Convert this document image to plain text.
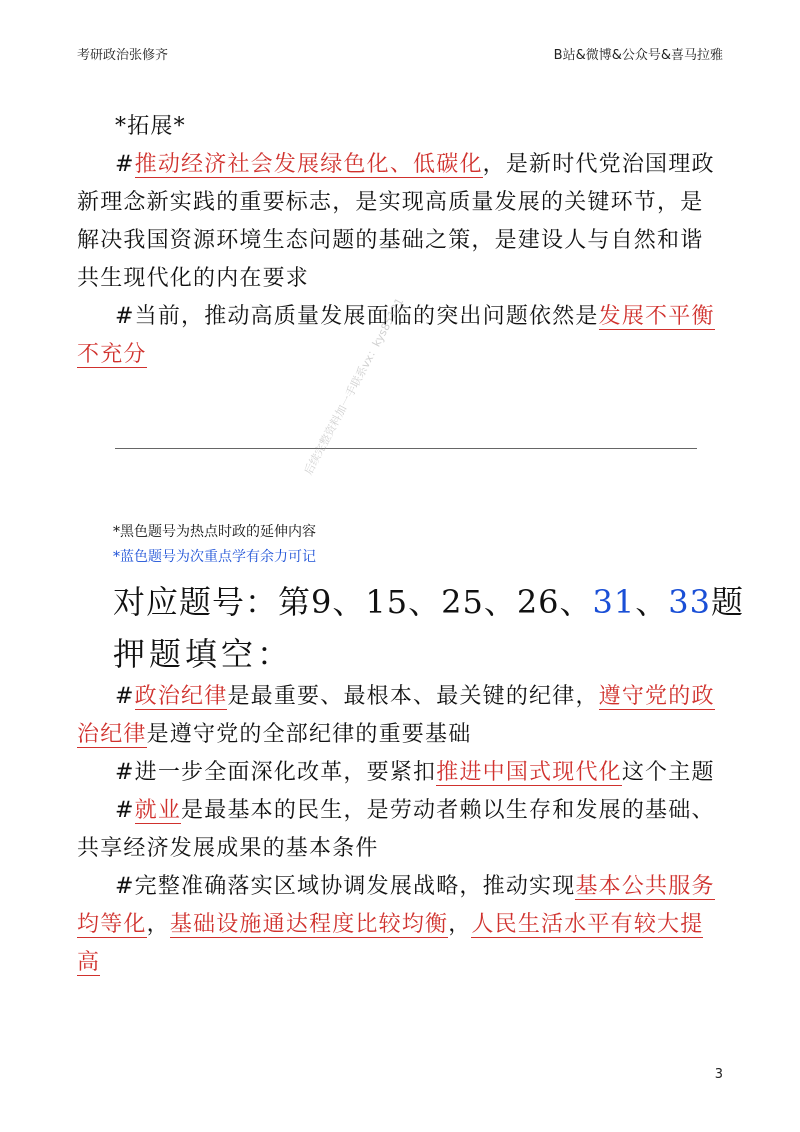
考研政治张修齐	B站&微博&公众号&喜马拉雅

*拓展*

#推动经济社会发展绿色化、低碳化，是新时代党治国理政新理念新实践的重要标志，是实现高质量发展的关键环节，是解决我国资源环境生态问题的基础之策，是建设人与自然和谐共生现代化的内在要求

#当前，推动高质量发展面临的突出问题依然是发展不平衡不充分	后续完整资料加一手联系vx：kys85121
*黑色题号为热点时政的延伸内容
*蓝色题号为次重点学有余力可记
对应题号：第9、15、25、26、31、33题
押题填空：

#政治纪律是最重要、最根本、最关键的纪律，遵守党的政治纪律是遵守党的全部纪律的重要基础

#进一步全面深化改革，要紧扣推进中国式现代化这个主题

#就业是最基本的民生，是劳动者赖以生存和发展的基础、共享经济发展成果的基本条件

#完整准确落实区域协调发展战略，推动实现基本公共服务均等化，基础设施通达程度比较均衡，人民生活水平有较大提高

3
